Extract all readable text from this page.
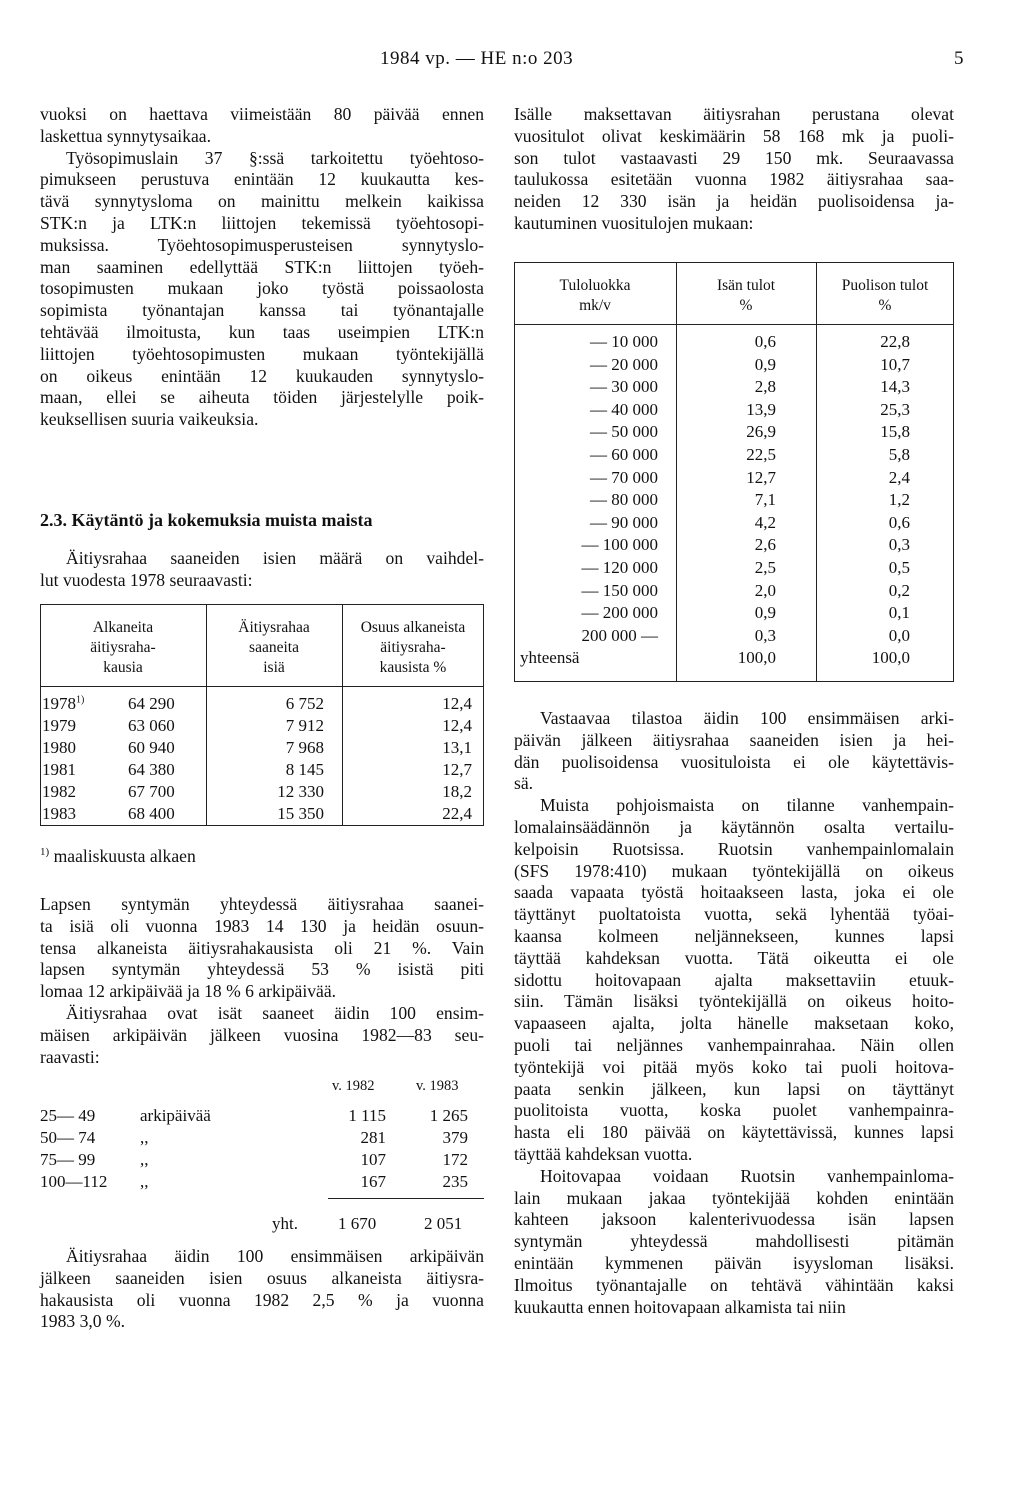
1984 vp. — HE n:o 203	5
vuoksi on haettava viimeistään 80 päivää ennen
laskettua synnytysaikaa.
Työsopimuslain 37 §:ssä tarkoitettu työehtoso-
pimukseen perustuva enintään 12 kuukautta kes-
tävä synnytysloma on mainittu melkein kaikissa
STK:n ja LTK:n liittojen tekemissä työehtosopi-
muksissa. Työehtosopimusperusteisen synnytyslo-
man saaminen edellyttää STK:n liittojen työeh-
tosopimusten mukaan joko työstä poissaolosta
sopimista työnantajan kanssa tai työnantajalle
tehtävää ilmoitusta, kun taas useimpien LTK:n
liittojen työehtosopimusten mukaan työntekijällä
on oikeus enintään 12 kuukauden synnytyslo-
maan, ellei se aiheuta töiden järjestelylle poik-
keuksellisen suuria vaikeuksia.
2.3. Käytäntö ja kokemuksia muista maista
Äitiysrahaa saaneiden isien määrä on vaihdel-
lut vuodesta 1978 seuraavasti:
Alkaneita
äitiysraha-
kausia
Äitiysrahaa
saaneita
isiä
Osuus alkaneista
äitiysraha-
kausista %
1978$^{1)}$	64 290	6 752	12,4
1979	63 060	7 912	12,4
1980	60 940	7 968	13,1
1981	64 380	8 145	12,7
1982	67 700	12 330	18,2
1983	68 400	15 350	22,4
$^{1)}$ maaliskuusta alkaen
Lapsen syntymän yhteydessä äitiysrahaa saanei-
ta isiä oli vuonna 1983 14 130 ja heidän osuun-
tensa alkaneista äitiysrahakausista oli 21 %. Vain
lapsen syntymän yhteydessä 53 % isistä piti
lomaa 12 arkipäivää ja 18 % 6 arkipäivää.
Äitiysrahaa ovat isät saaneet äidin 100 ensim-
mäisen arkipäivän jälkeen vuosina 1982—83 seu-
raavasti:
v. 1982	v. 1983
25— 49	arkipäivää	1 115	1 265
50— 74	,,	281	379
75— 99	,,	107	172
100—112 ,,	167	235
yht. 1 670	2 051
Äitiysrahaa äidin 100 ensimmäisen arkipäivän
jälkeen saaneiden isien osuus alkaneista äitiysra-
hakausista oli vuonna 1982 2,5 % ja vuonna
1983 3,0 %.
Isälle maksettavan äitiysrahan perustana olevat
vuositulot olivat keskimäärin 58 168 mk ja puoli-
son tulot vastaavasti 29 150 mk. Seuraavassa
taulukossa esitetään vuonna 1982 äitiysrahaa saa-
neiden 12 330 isän ja heidän puolisoidensa ja-
kautuminen vuositulojen mukaan:
Tuloluokka
mk/v
Isän tulot
%
Puolison tulot
%
— 10 000	0,6	22,8
— 20 000	0,9	10,7
— 30 000	2,8	14,3
— 40 000	13,9	25,3
— 50 000	26,9	15,8
— 60 000	22,5	5,8
— 70 000	12,7	2,4
— 80 000	7,1	1,2
— 90 000	4,2	0,6
— 100 000	2,6	0,3
— 120 000	2,5	0,5
— 150 000	2,0	0,2
— 200 000	0,9	0,1
200 000 —	0,3	0,0
yhteensä	100,0	100,0
Vastaavaa tilastoa äidin 100 ensimmäisen arki-
päivän jälkeen äitiysrahaa saaneiden isien ja hei-
dän puolisoidensa vuosituloista ei ole käytettävis-
sä.
Muista pohjoismaista on tilanne vanhempain-
lomalainsäädännön ja käytännön osalta vertailu-
kelpoisin Ruotsissa. Ruotsin vanhempainlomalain
(SFS 1978:410) mukaan työntekijällä on oikeus
saada vapaata työstä hoitaakseen lasta, joka ei ole
täyttänyt puoltatoista vuotta, sekä lyhentää työai-
kaansa kolmeen neljännekseen, kunnes lapsi
täyttää kahdeksan vuotta. Tätä oikeutta ei ole
sidottu hoitovapaan ajalta maksettaviin etuuk-
siin. Tämän lisäksi työntekijällä on oikeus hoito-
vapaaseen ajalta, jolta hänelle maksetaan koko,
puoli tai neljännes vanhempainrahaa. Näin ollen
työntekijä voi pitää myös koko tai puoli hoitova-
paata senkin jälkeen, kun lapsi on täyttänyt
puolitoista vuotta, koska puolet vanhempainra-
hasta eli 180 päivää on käytettävissä, kunnes lapsi
täyttää kahdeksan vuotta.
Hoitovapaa voidaan Ruotsin vanhempainloma-
lain mukaan jakaa työntekijää kohden enintään
kahteen jaksoon kalenterivuodessa isän lapsen
syntymän yhteydessä mahdollisesti pitämän
enintään kymmenen päivän isyysloman lisäksi.
Ilmoitus työnantajalle on tehtävä vähintään kaksi
kuukautta ennen hoitovapaan alkamista tai niin
